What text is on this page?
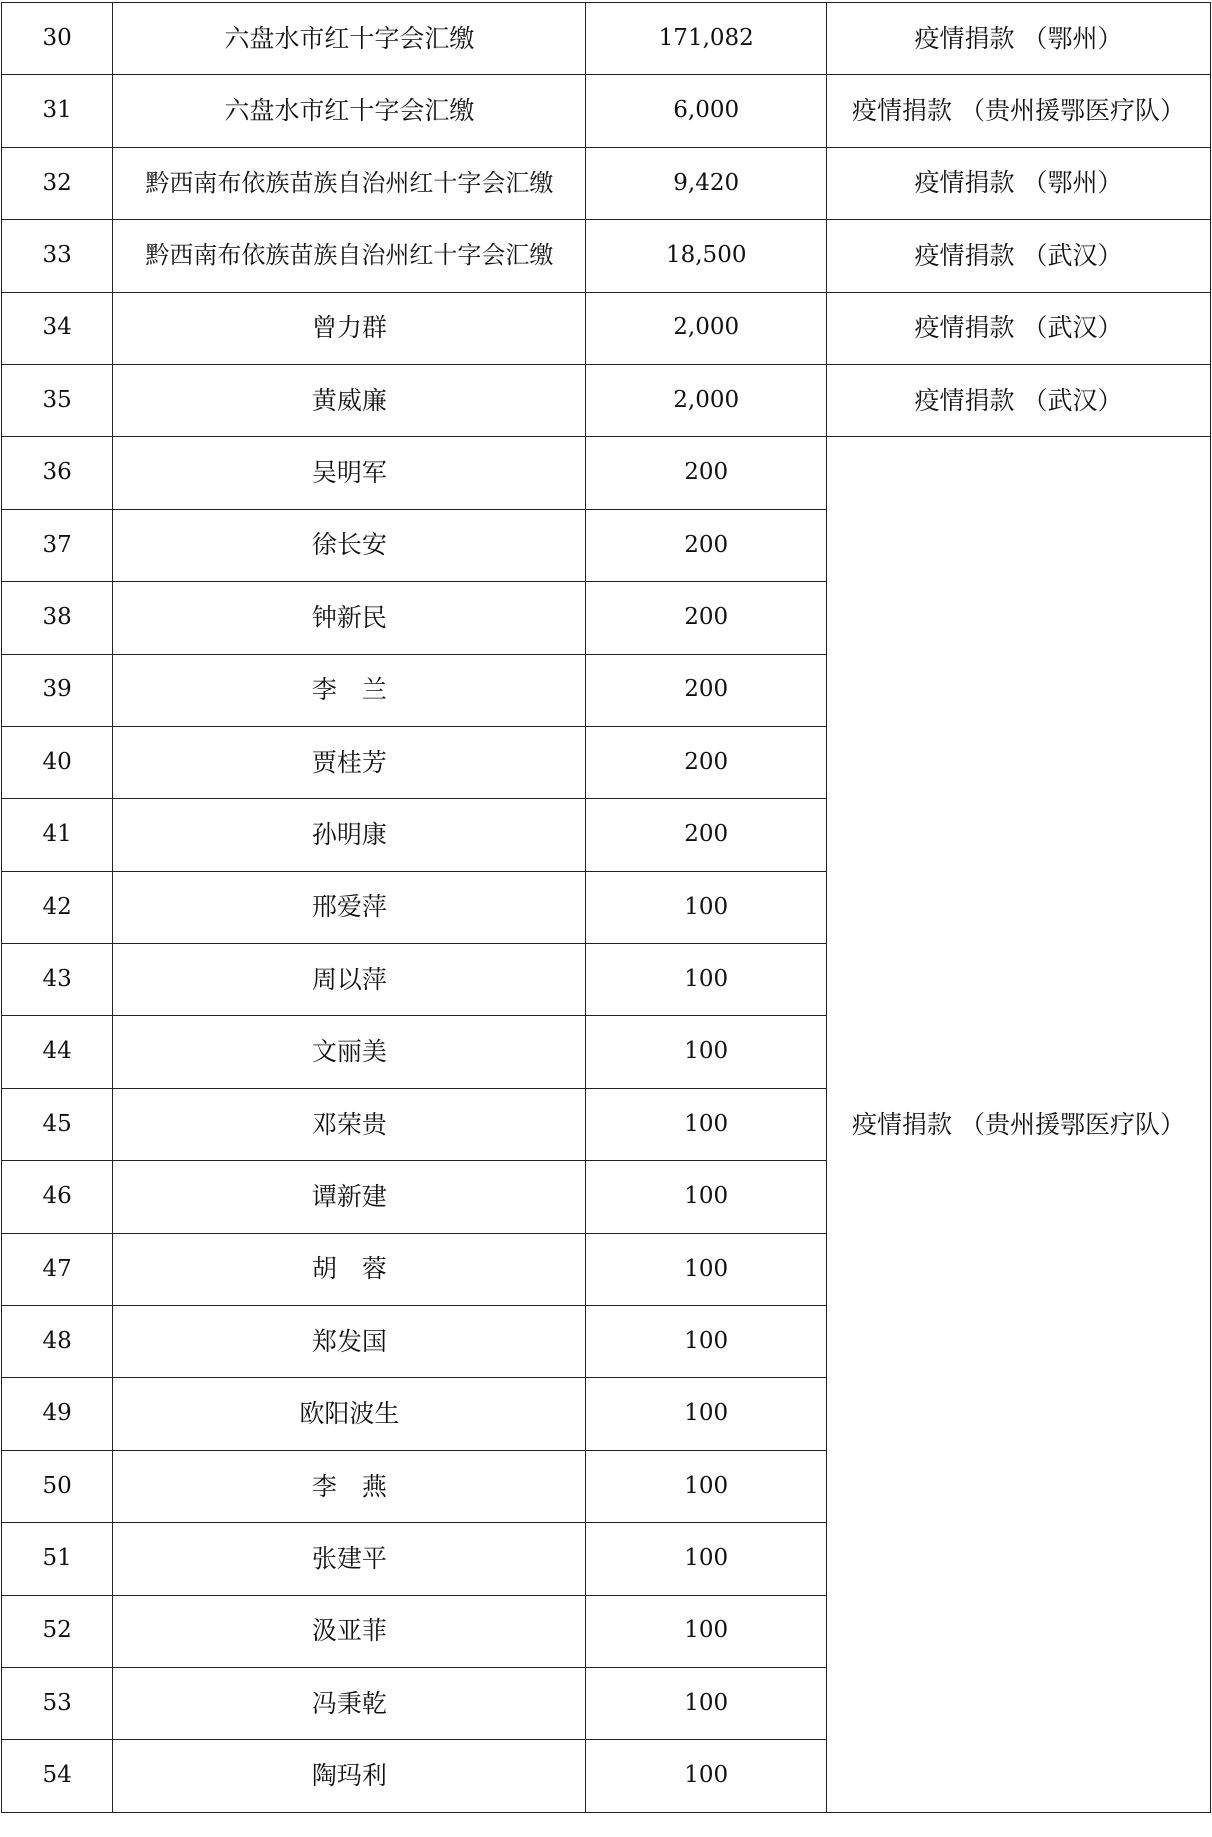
30	六盘水市红十字会汇缴	171,082	疫情捐款 （鄂州）
31	六盘水市红十字会汇缴	6,000	疫情捐款 （贵州援鄂医疗队）
32	黔西南布依族苗族自治州红十字会汇缴	9,420	疫情捐款 （鄂州）
33	黔西南布依族苗族自治州红十字会汇缴	18,500	疫情捐款 （武汉）
34	曾力群	2,000	疫情捐款 （武汉）
35	黄威廉	2,000	疫情捐款 （武汉）
36	吴明军	200	疫情捐款 （贵州援鄂医疗队）
37	徐长安	200	
38	钟新民	200	
39	李　兰	200	
40	贾桂芳	200	
41	孙明康	200	
42	邢爱萍	100	
43	周以萍	100	
44	文丽美	100	
45	邓荣贵	100	
46	谭新建	100	
47	胡　蓉	100	
48	郑发国	100	
49	欧阳波生	100	
50	李　燕	100	
51	张建平	100	
52	汲亚菲	100	
53	冯秉乾	100	
54	陶玛利	100	
